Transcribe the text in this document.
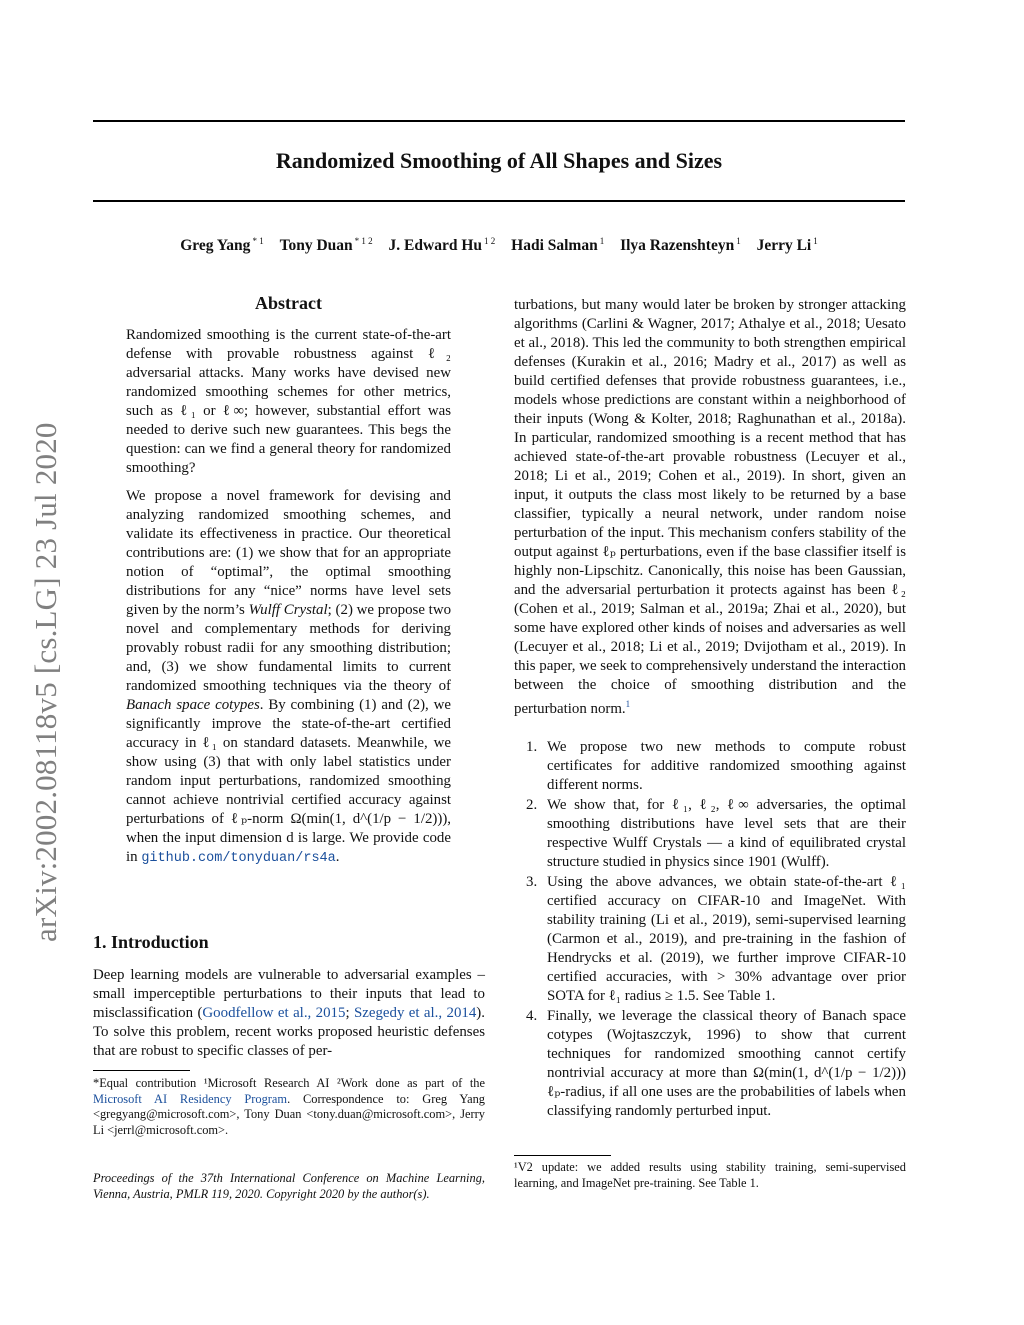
Randomized Smoothing of All Shapes and Sizes
Greg Yang $^{* 1}$ Tony Duan $^{* 1 2}$ J. Edward Hu $^{1 2}$ Hadi Salman $^1$ Ilya Razenshteyn $^1$ Jerry Li $^1$
arXiv:2002.08118v5 [cs.LG] 23 Jul 2020
Abstract

Randomized smoothing is the current state-of-the-art defense with provable robustness against ℓ₂ adversarial attacks. Many works have devised new randomized smoothing schemes for other metrics, such as ℓ₁ or ℓ∞; however, substantial effort was needed to derive such new guarantees. This begs the question: can we find a general theory for randomized smoothing?

We propose a novel framework for devising and analyzing randomized smoothing schemes, and validate its effectiveness in practice. Our theoretical contributions are: (1) we show that for an appropriate notion of “optimal”, the optimal smoothing distributions for any “nice” norms have level sets given by the norm’s Wulff Crystal; (2) we propose two novel and complementary methods for deriving provably robust radii for any smoothing distribution; and, (3) we show fundamental limits to current randomized smoothing techniques via the theory of Banach space cotypes. By combining (1) and (2), we significantly improve the state-of-the-art certified accuracy in ℓ₁ on standard datasets. Meanwhile, we show using (3) that with only label statistics under random input perturbations, randomized smoothing cannot achieve nontrivial certified accuracy against perturbations of ℓₚ-norm Ω(min(1, d^(1/p − 1/2))), when the input dimension d is large. We provide code in github.com/tonyduan/rs4a.

1. Introduction
Deep learning models are vulnerable to adversarial examples – small imperceptible perturbations to their inputs that lead to misclassification (Goodfellow et al., 2015; Szegedy et al., 2014). To solve this problem, recent works proposed heuristic defenses that are robust to specific classes of per-
*Equal contribution ¹Microsoft Research AI ²Work done as part of the Microsoft AI Residency Program. Correspondence to: Greg Yang <gregyang@microsoft.com>, Tony Duan <tony.duan@microsoft.com>, Jerry Li <jerrl@microsoft.com>.
Proceedings of the 37th International Conference on Machine Learning, Vienna, Austria, PMLR 119, 2020. Copyright 2020 by the author(s).

turbations, but many would later be broken by stronger attacking algorithms (Carlini & Wagner, 2017; Athalye et al., 2018; Uesato et al., 2018). This led the community to both strengthen empirical defenses (Kurakin et al., 2016; Madry et al., 2017) as well as build certified defenses that provide robustness guarantees, i.e., models whose predictions are constant within a neighborhood of their inputs (Wong & Kolter, 2018; Raghunathan et al., 2018a). In particular, randomized smoothing is a recent method that has achieved state-of-the-art provable robustness (Lecuyer et al., 2018; Li et al., 2019; Cohen et al., 2019). In short, given an input, it outputs the class most likely to be returned by a base classifier, typically a neural network, under random noise perturbation of the input. This mechanism confers stability of the output against ℓₚ perturbations, even if the base classifier itself is highly non-Lipschitz. Canonically, this noise has been Gaussian, and the adversarial perturbation it protects against has been ℓ₂ (Cohen et al., 2019; Salman et al., 2019a; Zhai et al., 2020), but some have explored other kinds of noises and adversaries as well (Lecuyer et al., 2018; Li et al., 2019; Dvijotham et al., 2019). In this paper, we seek to comprehensively understand the interaction between the choice of smoothing distribution and the perturbation norm.$^1$

1. We propose two new methods to compute robust certificates for additive randomized smoothing against different norms.
2. We show that, for ℓ₁, ℓ₂, ℓ∞ adversaries, the optimal smoothing distributions have level sets that are their respective Wulff Crystals — a kind of equilibrated crystal structure studied in physics since 1901 (Wulff).
3. Using the above advances, we obtain state-of-the-art ℓ₁ certified accuracy on CIFAR-10 and ImageNet. With stability training (Li et al., 2019), semi-supervised learning (Carmon et al., 2019), and pre-training in the fashion of Hendrycks et al. (2019), we further improve CIFAR-10 certified accuracies, with > 30% advantage over prior SOTA for ℓ₁ radius ≥ 1.5. See Table 1.
4. Finally, we leverage the classical theory of Banach space cotypes (Wojtaszczyk, 1996) to show that current techniques for randomized smoothing cannot certify nontrivial accuracy at more than Ω(min(1, d^(1/p − 1/2))) ℓₚ-radius, if all one uses are the probabilities of labels when classifying randomly perturbed input.
¹V2 update: we added results using stability training, semi-supervised learning, and ImageNet pre-training. See Table 1.
